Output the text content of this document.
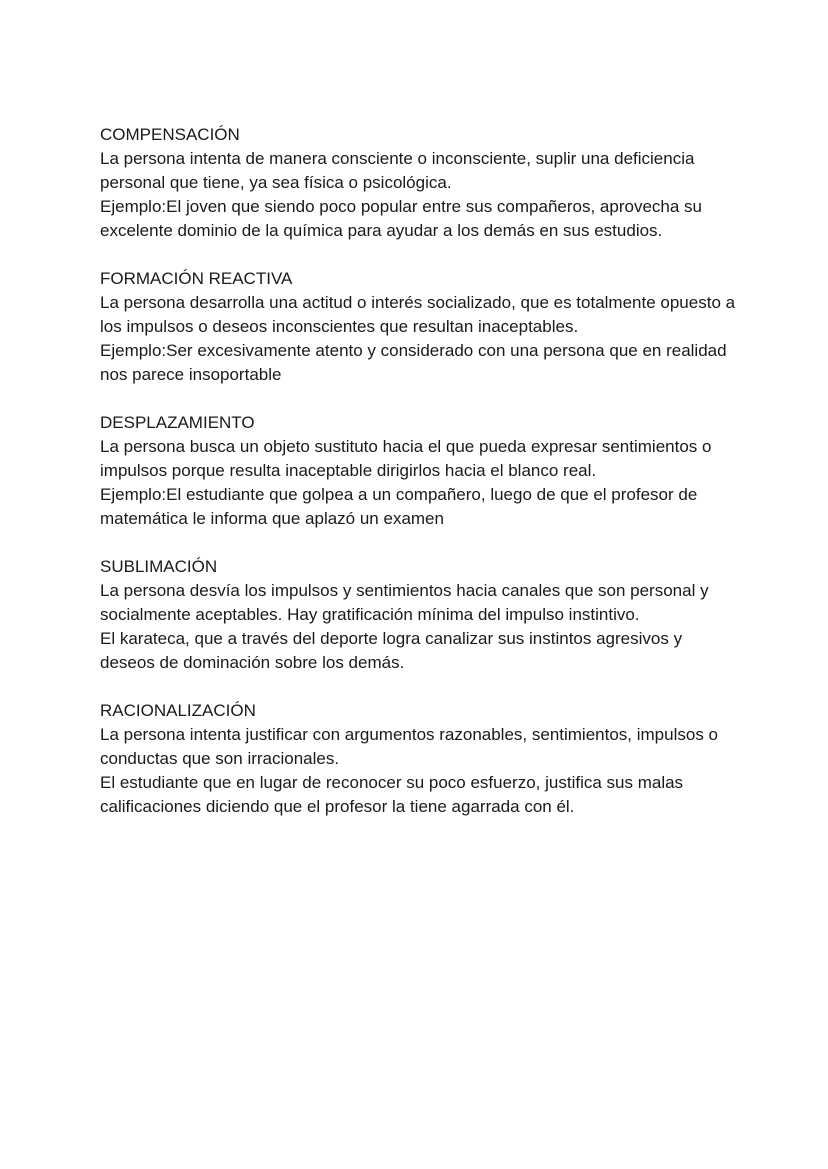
COMPENSACIÓN

La persona intenta de manera consciente o inconsciente, suplir una deficiencia personal que tiene, ya sea física o psicológica.

Ejemplo:El joven que siendo poco popular entre sus compañeros, aprovecha su excelente dominio de la química para ayudar a los demás en sus estudios.

FORMACIÓN REACTIVA

La persona desarrolla una actitud o interés socializado, que es totalmente opuesto a los impulsos o deseos inconscientes que resultan inaceptables.

Ejemplo:Ser excesivamente atento y considerado con una persona que en realidad nos parece insoportable

DESPLAZAMIENTO

La persona busca un objeto sustituto hacia el que pueda expresar sentimientos o impulsos porque resulta inaceptable dirigirlos hacia el blanco real.

Ejemplo:El estudiante que golpea a un compañero, luego de que el profesor de matemática le informa que aplazó un examen

SUBLIMACIÓN

La persona desvía los impulsos y sentimientos hacia canales que son personal y socialmente aceptables. Hay gratificación mínima del impulso instintivo.

El karateca, que a través del deporte logra canalizar sus instintos agresivos y deseos de dominación sobre los demás.

RACIONALIZACIÓN

La persona intenta justificar con argumentos razonables, sentimientos, impulsos o conductas que son irracionales.

El estudiante que en lugar de reconocer su poco esfuerzo, justifica sus malas calificaciones diciendo que el profesor la tiene agarrada con él.
